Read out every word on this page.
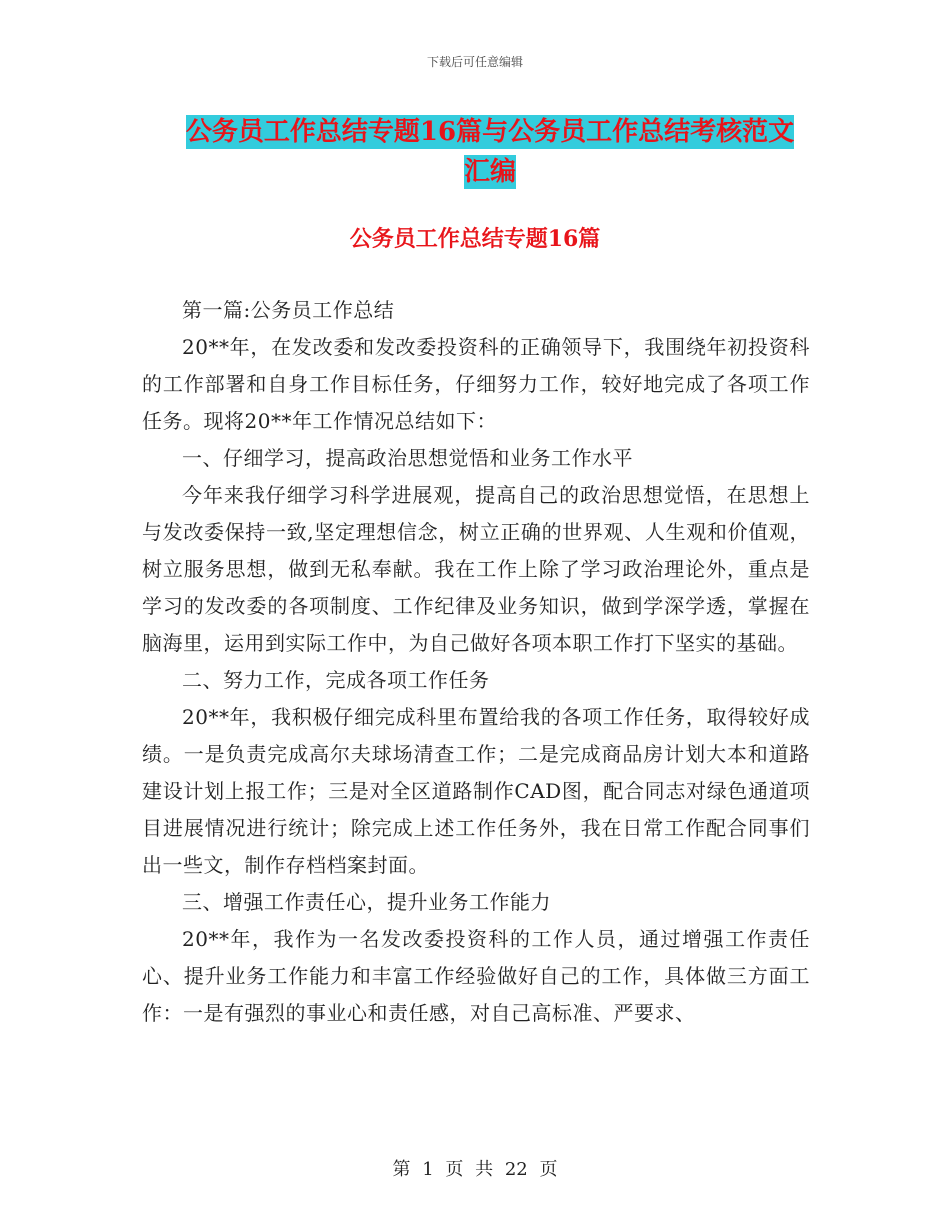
下载后可任意编辑
公务员工作总结专题16篇与公务员工作总结考核范文
汇编
公务员工作总结专题16篇

第一篇:公务员工作总结

20**年，在发改委和发改委投资科的正确领导下，我围绕年初投资科的工作部署和自身工作目标任务，仔细努力工作，较好地完成了各项工作任务。现将20**年工作情况总结如下：

一、仔细学习，提高政治思想觉悟和业务工作水平

今年来我仔细学习科学进展观，提高自己的政治思想觉悟，在思想上与发改委保持一致,坚定理想信念，树立正确的世界观、人生观和价值观，树立服务思想，做到无私奉献。我在工作上除了学习政治理论外，重点是学习的发改委的各项制度、工作纪律及业务知识，做到学深学透，掌握在脑海里，运用到实际工作中，为自己做好各项本职工作打下坚实的基础。

二、努力工作，完成各项工作任务

20**年，我积极仔细完成科里布置给我的各项工作任务，取得较好成绩。一是负责完成高尔夫球场清查工作；二是完成商品房计划大本和道路建设计划上报工作；三是对全区道路制作CAD图，配合同志对绿色通道项目进展情况进行统计；除完成上述工作任务外，我在日常工作配合同事们出一些文，制作存档档案封面。

三、增强工作责任心，提升业务工作能力

20**年，我作为一名发改委投资科的工作人员，通过增强工作责任心、提升业务工作能力和丰富工作经验做好自己的工作，具体做三方面工作：一是有强烈的事业心和责任感，对自己高标准、严要求、

第 1 页 共 22 页
